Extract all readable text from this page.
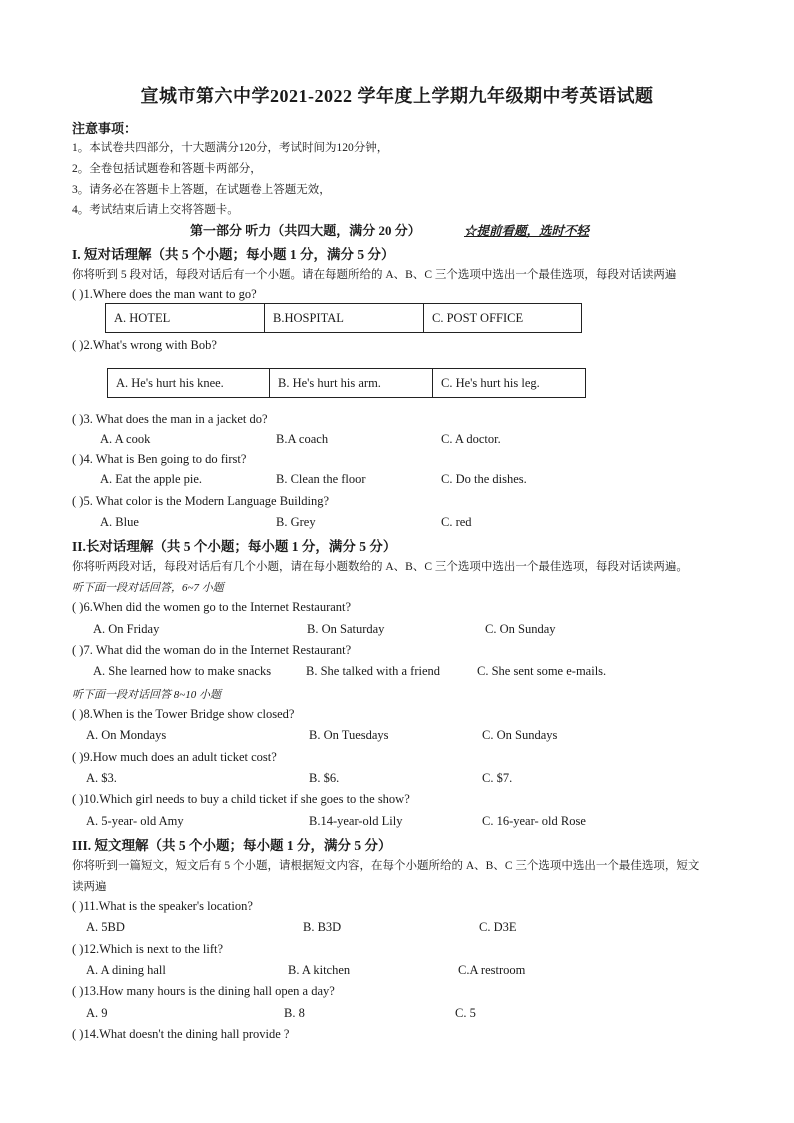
宣城市第六中学2021-2022 学年度上学期九年级期中考英语试题
注意事项：
1。本试卷共四部分，十大题满分120分，考试时间为120分钟，
2。全卷包括试题卷和答题卡两部分，
3。请务必在答题卡上答题，在试题卷上答题无效，
4。考试结束后请上交将答题卡。
第一部分 听力（共四大题，满分 20 分）	☆提前看题，选时不轻
I. 短对话理解（共 5 个小题；每小题 1 分，满分 5 分）
你将听到 5 段对话，每段对话后有一个小题。请在每题所给的 A、B、C 三个选项中选出一个最佳选项，每段对话读两遍
( )1.Where does the man want to go?
A. HOTEL	B.HOSPITAL	C. POST OFFICE
( )2.What's wrong with Bob?
A. He's hurt his knee.	B. He's hurt his arm.	C. He's hurt his leg.
( )3. What does the man in a jacket do?
A. A cook	B.A coach	C. A doctor.
( )4. What is Ben going to do first?
A. Eat the apple pie.	B. Clean the floor	C. Do the dishes.
( )5. What color is the Modern Language Building?
A. Blue	B. Grey	C. red
II.长对话理解（共 5 个小题；每小题 1 分，满分 5 分）
你将听两段对话，每段对话后有几个小题，请在每小题数给的 A、B、C 三个选项中选出一个最佳选项，每段对话读两遍。
听下面一段对话回答，6~7 小题
( )6.When did the women go to the Internet Restaurant?
A. On Friday	B. On Saturday	C. On Sunday
( )7. What did the woman do in the Internet Restaurant?
A. She learned how to make snacks	B. She talked with a friend	C. She sent some e-mails.
听下面一段对话回答 8~10 小题
( )8.When is the Tower Bridge show closed?
A. On Mondays	B. On Tuesdays	C. On Sundays
( )9.How much does an adult ticket cost?
A. $3.	B. $6.	C. $7.
( )10.Which girl needs to buy a child ticket if she goes to the show?
A. 5-year- old Amy	B.14-year-old Lily	C. 16-year- old Rose
III. 短文理解（共 5 个小题；每小题 1 分，满分 5 分）
你将听到一篇短文，短文后有 5 个小题，请根据短文内容，在每个小题所给的 A、B、C 三个选项中选出一个最佳选项，短文
读两遍
( )11.What is the speaker's location?
A. 5BD	B. B3D	C. D3E
( )12.Which is next to the lift?
A. A dining hall	B. A kitchen	C.A restroom
( )13.How many hours is the dining hall open a day?
A. 9	B. 8	C. 5
( )14.What doesn't the dining hall provide ?
